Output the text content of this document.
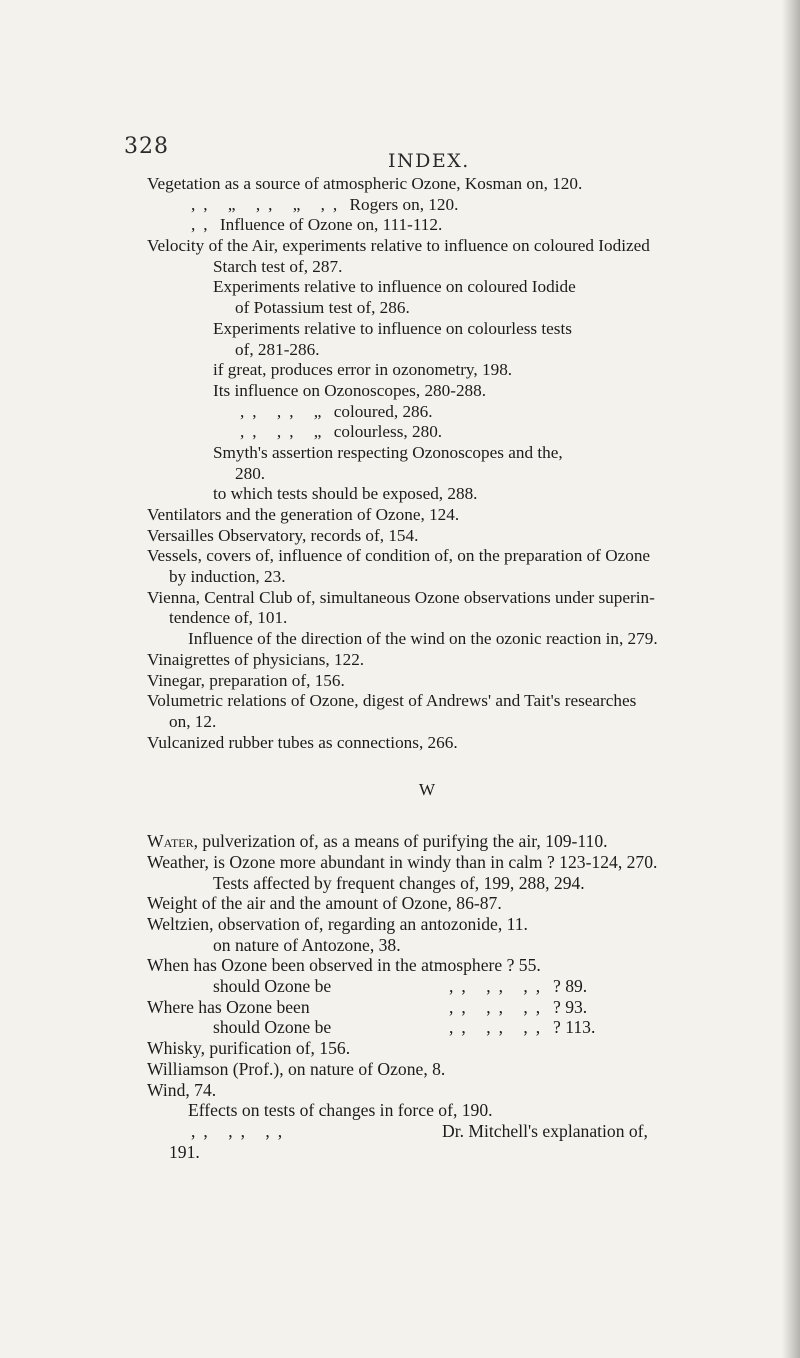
328
INDEX.
Vegetation as a source of atmospheric Ozone, Kosman on, 120.
,, „ ,, „ ,, Rogers on, 120.
,, Influence of Ozone on, 111-112.
Velocity of the Air, experiments relative to influence on coloured Iodized
Starch test of, 287.
Experiments relative to influence on coloured Iodide
of Potassium test of, 286.
Experiments relative to influence on colourless tests
of, 281-286.
if great, produces error in ozonometry, 198.
Its influence on Ozonoscopes, 280-288.
,, ,, „ coloured, 286.
,, ,, „ colourless, 280.
Smyth's assertion respecting Ozonoscopes and the,
280.
to which tests should be exposed, 288.
Ventilators and the generation of Ozone, 124.
Versailles Observatory, records of, 154.
Vessels, covers of, influence of condition of, on the preparation of Ozone
by induction, 23.
Vienna, Central Club of, simultaneous Ozone observations under superin-
tendence of, 101.
Influence of the direction of the wind on the ozonic reaction in, 279.
Vinaigrettes of physicians, 122.
Vinegar, preparation of, 156.
Volumetric relations of Ozone, digest of Andrews' and Tait's researches
on, 12.
Vulcanized rubber tubes as connections, 266.
W
Water, pulverization of, as a means of purifying the air, 109-110.
Weather, is Ozone more abundant in windy than in calm ? 123-124, 270.
Tests affected by frequent changes of, 199, 288, 294.
Weight of the air and the amount of Ozone, 86-87.
Weltzien, observation of, regarding an antozonide, 11.
on nature of Antozone, 38.
When has Ozone been observed in the atmosphere ? 55.
should Ozone be	,, ,, ,, ? 89.
Where has Ozone been	,, ,, ,, ? 93.
should Ozone be	,, ,, ,, ? 113.
Whisky, purification of, 156.
Williamson (Prof.), on nature of Ozone, 8.
Wind, 74.
Effects on tests of changes in force of, 190.
,, ,, ,,	Dr. Mitchell's explanation of,
191.
